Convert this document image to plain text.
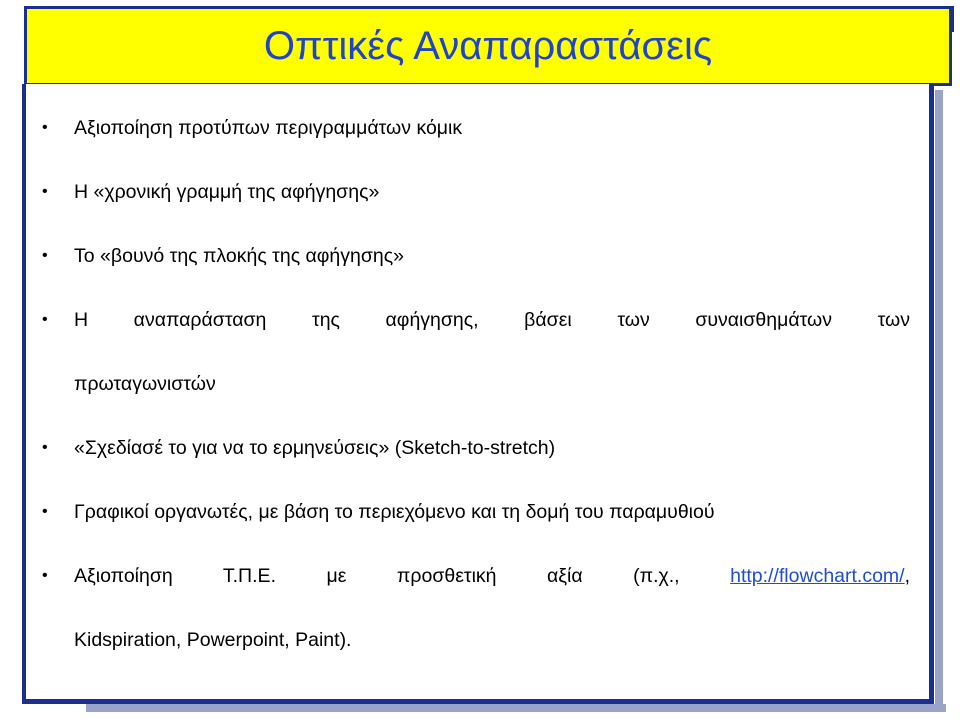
Οπτικές Αναπαραστάσεις
• Αξιοποίηση προτύπων περιγραμμάτων κόμικ
• Η «χρονική γραμμή της αφήγησης»
• Το «βουνό της πλοκής της αφήγησης»
• Η αναπαράσταση της αφήγησης, βάσει των συναισθημάτων των
πρωταγωνιστών
• «Σχεδίασέ το για να το ερμηνεύσεις» (Sketch-to-stretch)
• Γραφικοί οργανωτές, με βάση το περιεχόμενο και τη δομή του παραμυθιού
• Αξιοποίηση Τ.Π.Ε. με προσθετική αξία (π.χ.,	http://flowchart.com/,
Kidspiration, Powerpoint, Paint).
